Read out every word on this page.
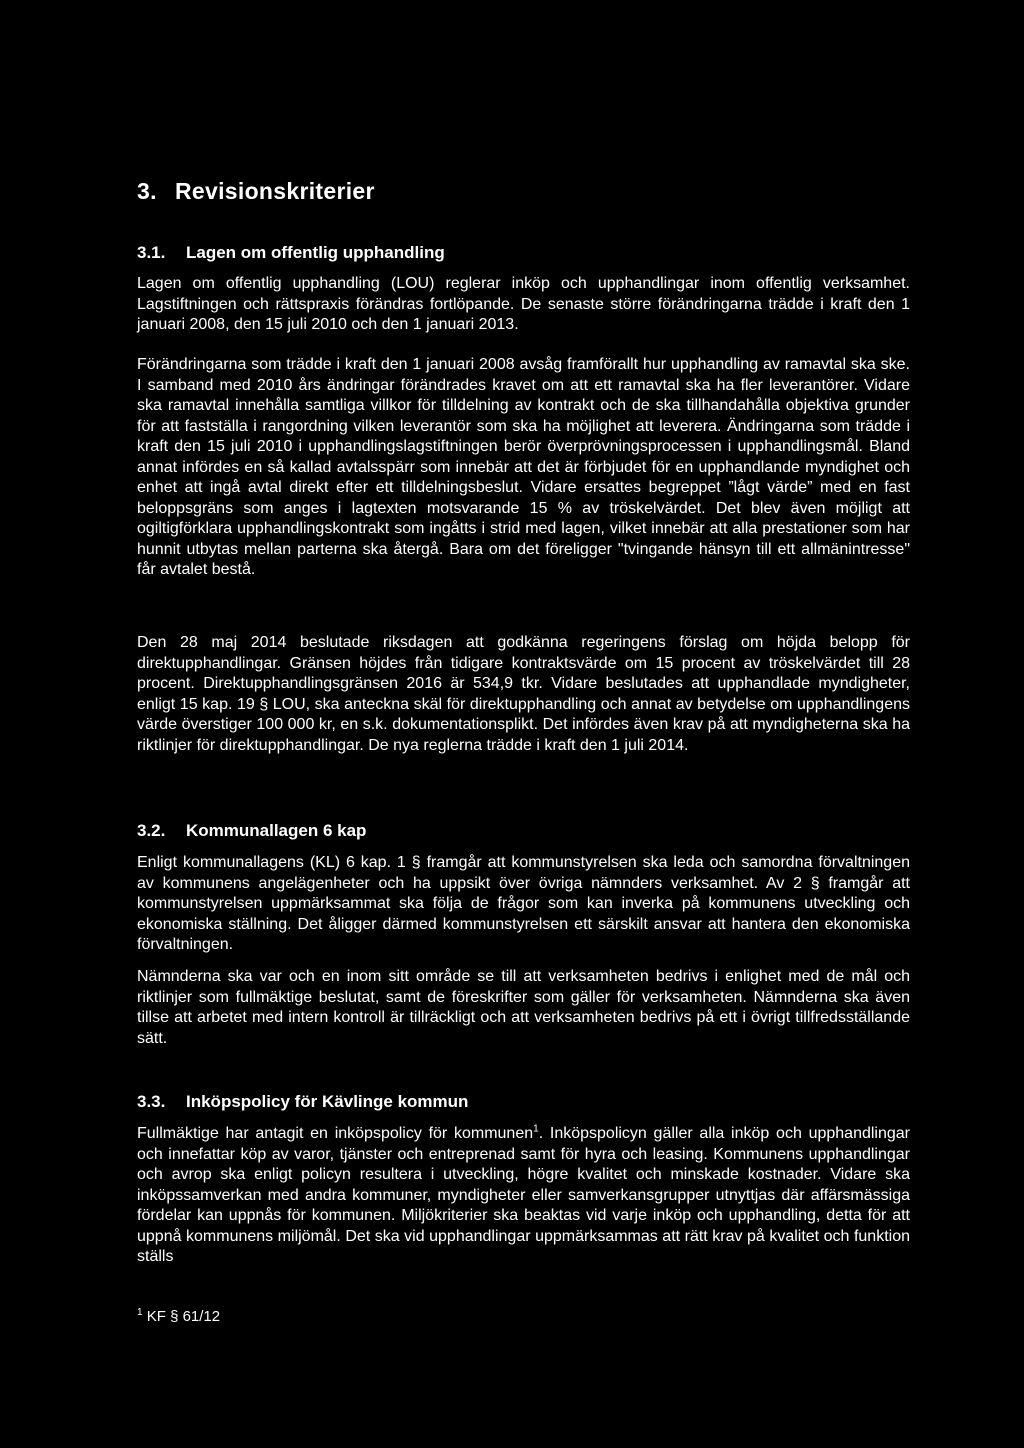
3. Revisionskriterier
3.1. Lagen om offentlig upphandling

Lagen om offentlig upphandling (LOU) reglerar inköp och upphandlingar inom offentlig verksamhet. Lagstiftningen och rättspraxis förändras fortlöpande. De senaste större förändringarna trädde i kraft den 1 januari 2008, den 15 juli 2010 och den 1 januari 2013.

Förändringarna som trädde i kraft den 1 januari 2008 avsåg framförallt hur upphandling av ramavtal ska ske. I samband med 2010 års ändringar förändrades kravet om att ett ramavtal ska ha fler leverantörer. Vidare ska ramavtal innehålla samtliga villkor för tilldelning av kontrakt och de ska tillhandahålla objektiva grunder för att fastställa i rangordning vilken leverantör som ska ha möjlighet att leverera. Ändringarna som trädde i kraft den 15 juli 2010 i upphandlingslagstiftningen berör överprövningsprocessen i upphandlingsmål. Bland annat infördes en så kallad avtalsspärr som innebär att det är förbjudet för en upphandlande myndighet och enhet att ingå avtal direkt efter ett tilldelningsbeslut. Vidare ersattes begreppet ”lågt värde” med en fast beloppsgräns som anges i lagtexten motsvarande 15 % av tröskelvärdet. Det blev även möjligt att ogiltigförklara upphandlingskontrakt som ingåtts i strid med lagen, vilket innebär att alla prestationer som har hunnit utbytas mellan parterna ska återgå. Bara om det föreligger "tvingande hänsyn till ett allmänintresse" får avtalet bestå.

Den 28 maj 2014 beslutade riksdagen att godkänna regeringens förslag om höjda belopp för direktupphandlingar. Gränsen höjdes från tidigare kontraktsvärde om 15 procent av tröskelvärdet till 28 procent. Direktupphandlingsgränsen 2016 är 534,9 tkr. Vidare beslutades att upphandlade myndigheter, enligt 15 kap. 19 § LOU, ska anteckna skäl för direktupphandling och annat av betydelse om upphandlingens värde överstiger 100 000 kr, en s.k. dokumentationsplikt. Det infördes även krav på att myndigheterna ska ha riktlinjer för direktupphandlingar. De nya reglerna trädde i kraft den 1 juli 2014.

3.2. Kommunallagen 6 kap

Enligt kommunallagens (KL) 6 kap. 1 § framgår att kommunstyrelsen ska leda och samordna förvaltningen av kommunens angelägenheter och ha uppsikt över övriga nämnders verksamhet. Av 2 § framgår att kommunstyrelsen uppmärksammat ska följa de frågor som kan inverka på kommunens utveckling och ekonomiska ställning. Det åligger därmed kommunstyrelsen ett särskilt ansvar att hantera den ekonomiska förvaltningen.

Nämnderna ska var och en inom sitt område se till att verksamheten bedrivs i enlighet med de mål och riktlinjer som fullmäktige beslutat, samt de föreskrifter som gäller för verksamheten. Nämnderna ska även tillse att arbetet med intern kontroll är tillräckligt och att verksamheten bedrivs på ett i övrigt tillfredsställande sätt.

3.3. Inköpspolicy för Kävlinge kommun

Fullmäktige har antagit en inköpspolicy för kommunen$^1$. Inköpspolicyn gäller alla inköp och upphandlingar och innefattar köp av varor, tjänster och entreprenad samt för hyra och leasing. Kommunens upphandlingar och avrop ska enligt policyn resultera i utveckling, högre kvalitet och minskade kostnader. Vidare ska inköpssamverkan med andra kommuner, myndigheter eller samverkansgrupper utnyttjas där affärsmässiga fördelar kan uppnås för kommunen. Miljökriterier ska beaktas vid varje inköp och upphandling, detta för att uppnå kommunens miljömål. Det ska vid upphandlingar uppmärksammas att rätt krav på kvalitet och funktion ställs

$^1$ KF § 61/12
